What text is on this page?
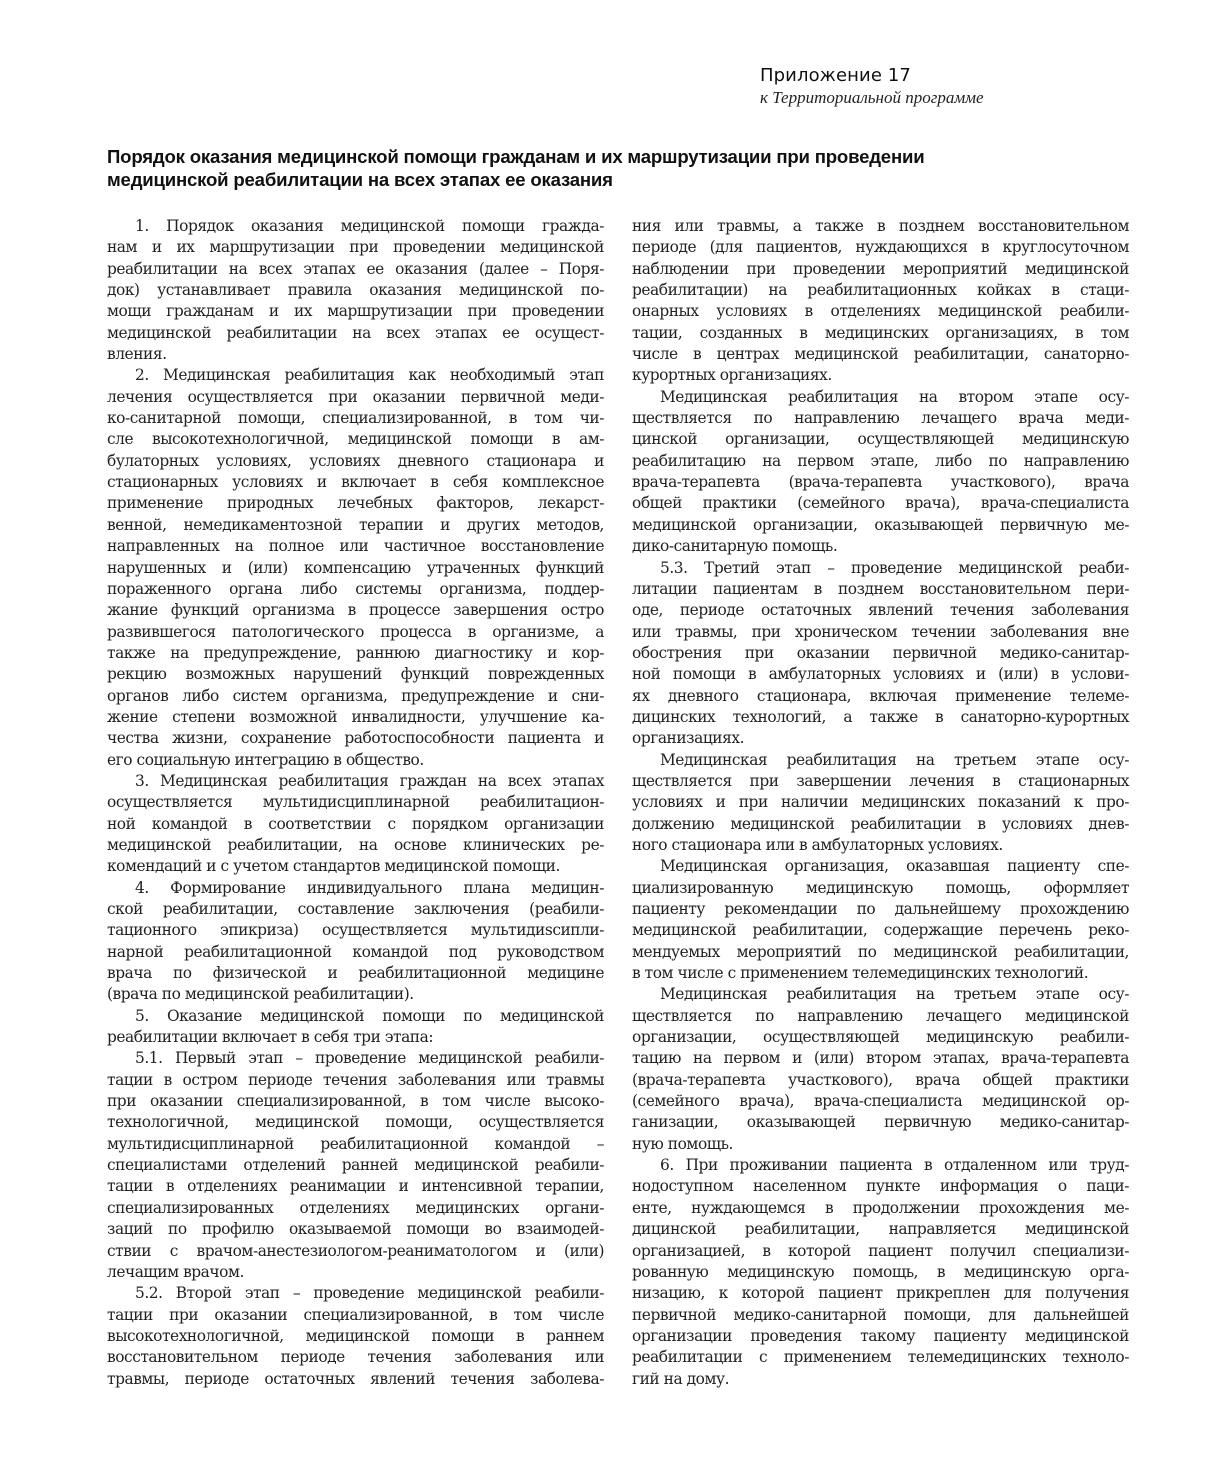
Приложение 17
к Территориальной программе
Порядок оказания медицинской помощи гражданам и их маршрутизации при проведении
медицинской реабилитации на всех этапах ее оказания
1. Порядок оказания медицинской помощи гражда-
нам и их маршрутизации при проведении медицинской
реабилитации на всех этапах ее оказания (далее – Поря-
док) устанавливает правила оказания медицинской по-
мощи гражданам и их маршрутизации при проведении
медицинской реабилитации на всех этапах ее осущест-
вления.
2. Медицинская реабилитация как необходимый этап
лечения осуществляется при оказании первичной меди-
ко-санитарной помощи, специализированной, в том чи-
сле высокотехнологичной, медицинской помощи в ам-
булаторных условиях, условиях дневного стационара и
стационарных условиях и включает в себя комплексное
применение природных лечебных факторов, лекарст-
венной, немедикаментозной терапии и других методов,
направленных на полное или частичное восстановление
нарушенных и (или) компенсацию утраченных функций
пораженного органа либо системы организма, поддер-
жание функций организма в процессе завершения остро
развившегося патологического процесса в организме, а
также на предупреждение, раннюю диагностику и кор-
рекцию возможных нарушений функций поврежденных
органов либо систем организма, предупреждение и сни-
жение степени возможной инвалидности, улучшение ка-
чества жизни, сохранение работоспособности пациента и
его социальную интеграцию в общество.
3. Медицинская реабилитация граждан на всех этапах
осуществляется мультидисциплинарной реабилитацион-
ной командой в соответствии с порядком организации
медицинской реабилитации, на основе клинических ре-
комендаций и с учетом стандартов медицинской помощи.
4. Формирование индивидуального плана медицин-
ской реабилитации, составление заключения (реабили-
тационного эпикриза) осуществляется мультидиscипли-
нарной реабилитационной командой под руководством
врача по физической и реабилитационной медицине
(врача по медицинской реабилитации).
5. Оказание медицинской помощи по медицинской
реабилитации включает в себя три этапа:
5.1. Первый этап – проведение медицинской реабили-
тации в остром периоде течения заболевания или травмы
при оказании специализированной, в том числе высоко-
технологичной, медицинской помощи, осуществляется
мультидисциплинарной реабилитационной командой –
специалистами отделений ранней медицинской реабили-
тации в отделениях реанимации и интенсивной терапии,
специализированных отделениях медицинских органи-
заций по профилю оказываемой помощи во взаимодей-
ствии с врачом-анестезиологом-реаниматологом и (или)
лечащим врачом.
5.2. Второй этап – проведение медицинской реабили-
тации при оказании специализированной, в том числе
высокотехнологичной, медицинской помощи в раннем
восстановительном периоде течения заболевания или
травмы, периоде остаточных явлений течения заболева-
ния или травмы, а также в позднем восстановительном
периоде (для пациентов, нуждающихся в круглосуточном
наблюдении при проведении мероприятий медицинской
реабилитации) на реабилитационных койках в стаци-
онарных условиях в отделениях медицинской реабили-
тации, созданных в медицинских организациях, в том
числе в центрах медицинской реабилитации, санаторно-
курортных организациях.
Медицинская реабилитация на втором этапе осу-
ществляется по направлению лечащего врача меди-
цинской организации, осуществляющей медицинскую
реабилитацию на первом этапе, либо по направлению
врача-терапевта (врача-терапевта участкового), врача
общей практики (семейного врача), врача-специалиста
медицинской организации, оказывающей первичную ме-
дико-санитарную помощь.
5.3. Третий этап – проведение медицинской реаби-
литации пациентам в позднем восстановительном пери-
оде, периоде остаточных явлений течения заболевания
или травмы, при хроническом течении заболевания вне
обострения при оказании первичной медико-санитар-
ной помощи в амбулаторных условиях и (или) в услови-
ях дневного стационара, включая применение телеме-
дицинских технологий, а также в санаторно-курортных
организациях.
Медицинская реабилитация на третьем этапе осу-
ществляется при завершении лечения в стационарных
условиях и при наличии медицинских показаний к про-
должению медицинской реабилитации в условиях днев-
ного стационара или в амбулаторных условиях.
Медицинская организация, оказавшая пациенту спе-
циализированную медицинскую помощь, оформляет
пациенту рекомендации по дальнейшему прохождению
медицинской реабилитации, содержащие перечень реко-
мендуемых мероприятий по медицинской реабилитации,
в том числе с применением телемедицинских технологий.
Медицинская реабилитация на третьем этапе осу-
ществляется по направлению лечащего медицинской
организации, осуществляющей медицинскую реабили-
тацию на первом и (или) втором этапах, врача-терапевта
(врача-терапевта участкового), врача общей практики
(семейного врача), врача-специалиста медицинской ор-
ганизации, оказывающей первичную медико-санитар-
ную помощь.
6. При проживании пациента в отдаленном или труд-
нодоступном населенном пункте информация о паци-
енте, нуждающемся в продолжении прохождения ме-
дицинской реабилитации, направляется медицинской
организацией, в которой пациент получил специализи-
рованную медицинскую помощь, в медицинскую орга-
низацию, к которой пациент прикреплен для получения
первичной медико-санитарной помощи, для дальнейшей
организации проведения такому пациенту медицинской
реабилитации с применением телемедицинских техноло-
гий на дому.
